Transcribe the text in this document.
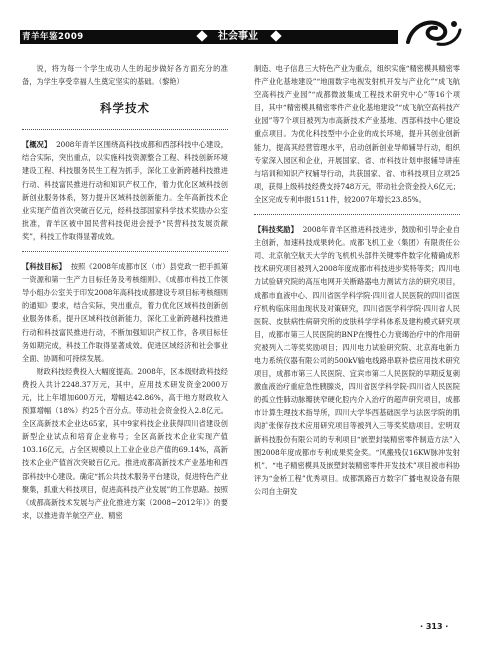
青羊年鉴2009	社会事业

说，将为每一个学生成功人生的起步做好各方面充分的准备，为学生享受幸福人生奠定坚实的基础。（黎艳）

科学技术

【概况】 2008年青羊区围绕高科技成都和西部科技中心建设，结合实际，突出重点，以实施科技资源整合工程、科技创新环境建设工程、科技服务民生工程为抓手，深化工业新跨越科技推进行动、科技富民推进行动和知识产权工作，着力优化区域科技创新创业服务体系，努力提升区域科技创新能力。全年高新技术企业实现产值首次突破百亿元，经科技部国家科学技术奖励办公室批准，青羊区被中国民营科技促进会授予“民营科技发展贡献奖”，科技工作取得显著成效。

【科技目标】 按照《2008年成都市区（市）县党政一把手抓第一资源和第一生产力目标任务及考核细则》、《成都市科技工作领导小组办公室关于印发2008年高科技成都建设专项目标考核细则的通知》要求，结合实际，突出重点，着力优化区域科技创新创业服务体系，提升区域科技创新能力，深化工业新跨越科技推进行动和科技富民推进行动，不断加强知识产权工作，各项目标任务如期完成，科技工作取得显著成效。促进区域经济和社会事业全面、协调和可持续发展。

财政科技经费投入大幅度提高。2008年，区本级财政科技经费投入共计2248.37万元，其中，应用技术研发资金2000万元，比上年增加600万元，增幅达42.86%，高于地方财政收入预算增幅（18%）约25个百分点。带动社会资金投入2.8亿元。全区高新技术企业达65家，其中9家科技企业获得四川省建设创新型企业试点和培育企业称号；全区高新技术企业实现产值103.16亿元，占全区规模以上工业企业总产值的69.14%，高新技术企业产值首次突破百亿元。推进成都高新技术产业基地和西部科技中心建设。确定“抓公共技术服务平台建设，促进特色产业聚集，抓重大科技项目，促进高科技产业发展”的工作思路。按照《成都高新技术发展与产业化推进方案（2008~2012年）》的要求，以推进青羊航空产业、精密

制造、电子信息三大特色产业为重点，组织实施“精密模具精密零件产业化基地建设”“地面数字电视发射机开发与产业化”“成飞航空高科技产业园”“成都微波集成工程技术研究中心”等16个项目，其中“精密模具精密零件产业化基地建设”“成飞航空高科技产业园”等7个项目被列为市高新技术产业基地、西部科技中心建设重点项目。为优化科技型中小企业的成长环境，提升其创业创新能力，提高其经营管理水平，启动创新创业导师辅导行动，组织专家深入园区和企业，开展国家、省、市科技计划申报辅导讲座与培训和知识产权辅导行动，共获国家、省、市科技项目立项25项，获得上级科技经费支持748万元，带动社会资金投入6亿元；全区完成专利申报1511件，较2007年增长23.85%。

【科技奖励】 2008年青羊区推进科技进步，鼓励和引导企业自主创新，加速科技成果转化。成都飞机工业（集团）有限责任公司、北京航空航天大学的飞机机头部件关键零件数字化精确成形技术研究项目被列入2008年度成都市科技进步奖特等奖；四川电力试验研究院的高压电网开关断路器电力测试方法的研究项目，成都市血液中心、四川省医学科学院·四川省人民医院的四川省医疗机构临床用血现状及对策研究，四川省医学科学院·四川省人民医院、皮肤病性病研究所的皮肤科学学科体系及建构模式研究项目，成都市第三人民医院的BNP在慢性心力衰竭治疗中的作用研究被列入二等奖奖励项目；四川电力试验研究院、北京海电新力电力系统仪器有限公司的500kV输电线路串联补偿应用技术研究项目，成都市第三人民医院、宜宾市第二人民医院的早期反复刺激血液治疗重症急性胰腺炎，四川省医学科学院·四川省人民医院的孤立性肺动脉瓣狭窄硬化腔内介入治疗的超声研究项目，成都市计算生理技术指导所，四川大学华西基础医学与法医学院的肌肉扩张保存技术应用研究项目等被列入三等奖奖励项目。宏明双新科技股份有限公司的专利项目“嵌塑封装精密零件制造方法”入围2008年度成都市专利成果奖金奖。“风搬残仅16KW脉冲发射机”、“电子精密模具及嵌塑封装精密零件开发技术”项目被市科协评为“金桥工程”优秀项目。成都凯路百方数字广播电视设备有限公司自主研发

· 313 ·
